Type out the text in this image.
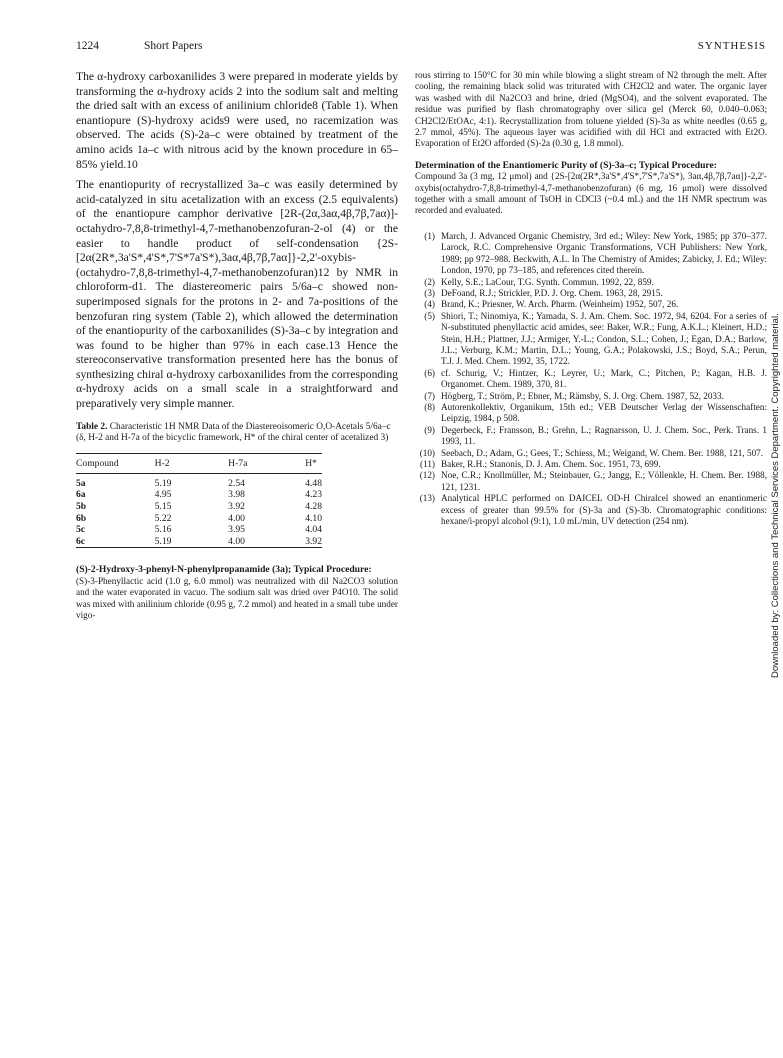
1224	Short Papers	SYNTHESIS

The α-hydroxy carboxanilides 3 were prepared in moderate yields by transforming the α-hydroxy acids 2 into the sodium salt and melting the dried salt with an excess of anilinium chloride8 (Table 1). When enantiopure (S)-hydroxy acids9 were used, no racemization was observed. The acids (S)-2a–c were obtained by treatment of the amino acids 1a–c with nitrous acid by the known procedure in 65–85% yield.10

The enantiopurity of recrystallized 3a–c was easily determined by acid-catalyzed in situ acetalization with an excess (2.5 equivalents) of the enantiopure camphor derivative [2R-(2α,3aα,4β,7β,7aα)]-octahydro-7,8,8-trimethyl-4,7-methanobenzofuran-2-ol (4) or the easier to handle product of self-condensation {2S-[2α(2R*,3a'S*,4'S*,7'S*7a'S*),3aα,4β,7β,7aα]}-2,2'-oxybis-(octahydro-7,8,8-trimethyl-4,7-methanobenzofuran)12 by NMR in chloroform-d1. The diastereomeric pairs 5/6a–c showed non-superimposed signals for the protons in 2- and 7a-positions of the benzofuran ring system (Table 2), which allowed the determination of the enantiopurity of the carboxanilides (S)-3a–c by integration and was found to be higher than 97% in each case.13 Hence the stereoconservative transformation presented here has the bonus of synthesizing chiral α-hydroxy carboxanilides from the corresponding α-hydroxy acids on a small scale in a straightforward and preparatively very simple manner.

Table 2. Characteristic 1H NMR Data of the Diastereoisomeric O,O-Acetals 5/6a–c (δ, H-2 and H-7a of the bicyclic framework, H* of the chiral center of acetalized 3)
Compound	H-2	H-7a	H*

5a	5.19	2.54	4.48
6a	4.95	3.98	4.23
5b	5.15	3.92	4.28
6b	5.22	4.00	4.10
5c	5.16	3.95	4.04
6c	5.19	4.00	3.92

(S)-2-Hydroxy-3-phenyl-N-phenylpropanamide (3a); Typical Procedure:

(S)-3-Phenyllactic acid (1.0 g, 6.0 mmol) was neutralized with dil Na2CO3 solution and the water evaporated in vacuo. The sodium salt was dried over P4O10. The solid was mixed with anilinium chloride (0.95 g, 7.2 mmol) and heated in a small tube under vigo-

rous stirring to 150°C for 30 min while blowing a slight stream of N2 through the melt. After cooling, the remaining black solid was triturated with CH2Cl2 and water. The organic layer was washed with dil Na2CO3 and brine, dried (MgSO4), and the solvent evaporated. The residue was purified by flash chromatography over silica gel (Merck 60, 0.040–0.063; CH2Cl2/EtOAc, 4:1). Recrystallization from toluene yielded (S)-3a as white needles (0.65 g, 2.7 mmol, 45%). The aqueous layer was acidified with dil HCl and extracted with Et2O. Evaporation of Et2O afforded (S)-2a (0.30 g, 1.8 mmol).

Determination of the Enantiomeric Purity of (S)-3a–c; Typical Procedure:

Compound 3a (3 mg, 12 μmol) and {2S-[2α(2R*,3a'S*,4'S*,7'S*,7a'S*), 3aα,4β,7β,7aα]}-2,2'-oxybis(octahydro-7,8,8-trimethyl-4,7-methanobenzofuran) (6 mg, 16 μmol) were dissolved together with a small amount of TsOH in CDCl3 (~0.4 mL) and the 1H NMR spectrum was recorded and evaluated.

(1) March, J. Advanced Organic Chemistry, 3rd ed.; Wiley: New York, 1985; pp 370–377. Larock, R.C. Comprehensive Organic Transformations, VCH Publishers: New York, 1989; pp 972–988. Beckwith, A.L. In The Chemistry of Amides; Zabicky, J. Ed.; Wiley: London, 1970, pp 73–185, and references cited therein.
(2) Kelly, S.E.; LaCour, T.G. Synth. Commun. 1992, 22, 859.
(3) DeFoand, R.J.; Strickler, P.D. J. Org. Chem. 1963, 28, 2915.
(4) Brand, K.; Priesner, W. Arch. Pharm. (Weinheim) 1952, 507, 26.
(5) Shiori, T.; Ninomiya, K.; Yamada, S. J. Am. Chem. Soc. 1972, 94, 6204. For a series of N-substituted phenyllactic acid amides, see: Baker, W.R.; Fung, A.K.L.; Kleinert, H.D.; Stein, H.H.; Plattner, J.J.; Armiger, Y.-L.; Condon, S.L.; Cohen, J.; Egan, D.A.; Barlow, J.L.; Verburg, K.M.; Martin, D.L.; Young, G.A.; Polakowski, J.S.; Boyd, S.A.; Perun, T.J. J. Med. Chem. 1992, 35, 1722.
(6) cf. Schurig, V.; Hintzer, K.; Leyrer, U.; Mark, C.; Pitchen, P.; Kagan, H.B. J. Organomet. Chem. 1989, 370, 81.
(7) Högberg, T.; Ström, P.; Ebner, M.; Rämsby, S. J. Org. Chem. 1987, 52, 2033.
(8) Autorenkollektiv, Organikum, 15th ed.; VEB Deutscher Verlag der Wissenschaften: Leipzig, 1984, p 508.
(9) Degerbeck, F.; Fransson, B.; Grehn, L.; Ragnarsson, U. J. Chem. Soc., Perk. Trans. 1 1993, 11.
(10) Seebach, D.; Adam, G.; Gees, T.; Schiess, M.; Weigand, W. Chem. Ber. 1988, 121, 507.
(11) Baker, R.H.; Stanonis, D. J. Am. Chem. Soc. 1951, 73, 699.
(12) Noe, C.R.; Knollmüller, M.; Steinbauer, G.; Jangg, E.; Völlenkle, H. Chem. Ber. 1988, 121, 1231.
(13) Analytical HPLC performed on DAICEL OD-H Chiralcel showed an enantiomeric excess of greater than 99.5% for (S)-3a and (S)-3b. Chromatographic conditions: hexane/i-propyl alcohol (9:1), 1.0 mL/min, UV detection (254 nm).	Downloaded by: Collections and Technical Services Department. Copyrighted material.
